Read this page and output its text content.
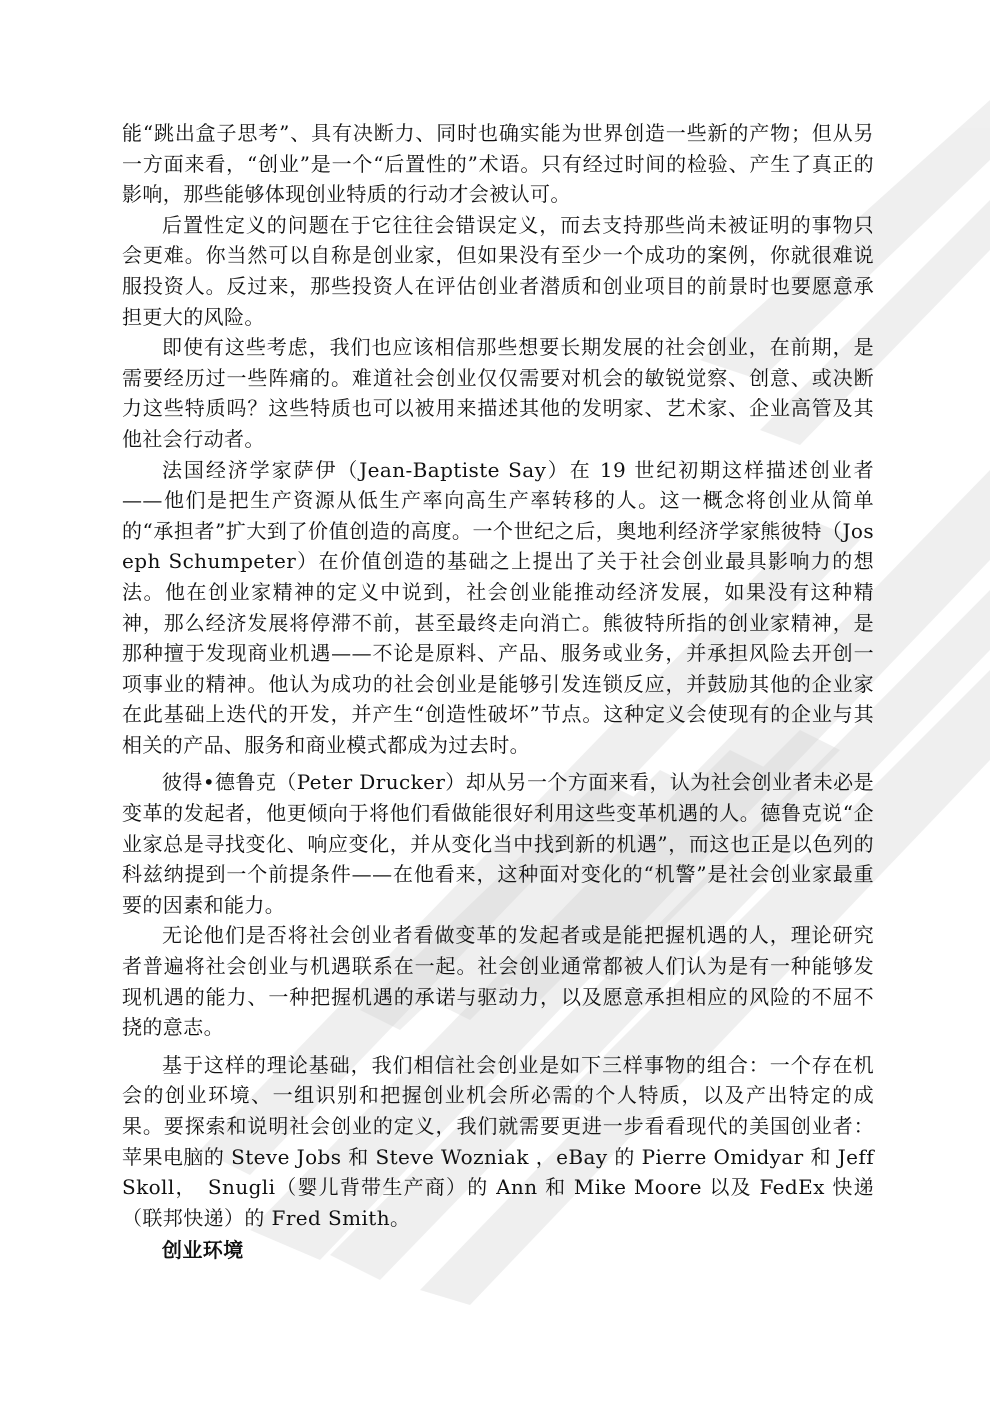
能“跳出盒子思考”、具有决断力、同时也确实能为世界创造一些新的产物；但从另一方面来看，“创业”是一个“后置性的”术语。只有经过时间的检验、产生了真正的影响，那些能够体现创业特质的行动才会被认可。

后置性定义的问题在于它往往会错误定义，而去支持那些尚未被证明的事物只会更难。你当然可以自称是创业家，但如果没有至少一个成功的案例，你就很难说服投资人。反过来，那些投资人在评估创业者潜质和创业项目的前景时也要愿意承担更大的风险。

即使有这些考虑，我们也应该相信那些想要长期发展的社会创业，在前期，是需要经历过一些阵痛的。难道社会创业仅仅需要对机会的敏锐觉察、创意、或决断力这些特质吗？这些特质也可以被用来描述其他的发明家、艺术家、企业高管及其他社会行动者。

法国经济学家萨伊（Jean-Baptiste Say）在 19 世纪初期这样描述创业者——他们是把生产资源从低生产率向高生产率转移的人。这一概念将创业从简单的“承担者”扩大到了价值创造的高度。一个世纪之后，奥地利经济学家熊彼特（Joseph Schumpeter）在价值创造的基础之上提出了关于社会创业最具影响力的想法。他在创业家精神的定义中说到，社会创业能推动经济发展，如果没有这种精神，那么经济发展将停滞不前，甚至最终走向消亡。熊彼特所指的创业家精神，是那种擅于发现商业机遇——不论是原料、产品、服务或业务，并承担风险去开创一项事业的精神。他认为成功的社会创业是能够引发连锁反应，并鼓励其他的企业家在此基础上迭代的开发，并产生“创造性破坏”节点。这种定义会使现有的企业与其相关的产品、服务和商业模式都成为过去时。

彼得•德鲁克（Peter Drucker）却从另一个方面来看，认为社会创业者未必是变革的发起者，他更倾向于将他们看做能很好利用这些变革机遇的人。德鲁克说“企业家总是寻找变化、响应变化，并从变化当中找到新的机遇”，而这也正是以色列的科兹纳提到一个前提条件——在他看来，这种面对变化的“机警”是社会创业家最重要的因素和能力。

无论他们是否将社会创业者看做变革的发起者或是能把握机遇的人，理论研究者普遍将社会创业与机遇联系在一起。社会创业通常都被人们认为是有一种能够发现机遇的能力、一种把握机遇的承诺与驱动力，以及愿意承担相应的风险的不屈不挠的意志。

基于这样的理论基础，我们相信社会创业是如下三样事物的组合：一个存在机会的创业环境、一组识别和把握创业机会所必需的个人特质，以及产出特定的成果。要探索和说明社会创业的定义，我们就需要更进一步看看现代的美国创业者：苹果电脑的 Steve Jobs 和 Steve Wozniak ，eBay 的 Pierre Omidyar 和 Jeff Skoll，　Snugli（婴儿背带生产商）的 Ann 和 Mike Moore 以及 FedEx 快递（联邦快递）的 Fred Smith。

创业环境
